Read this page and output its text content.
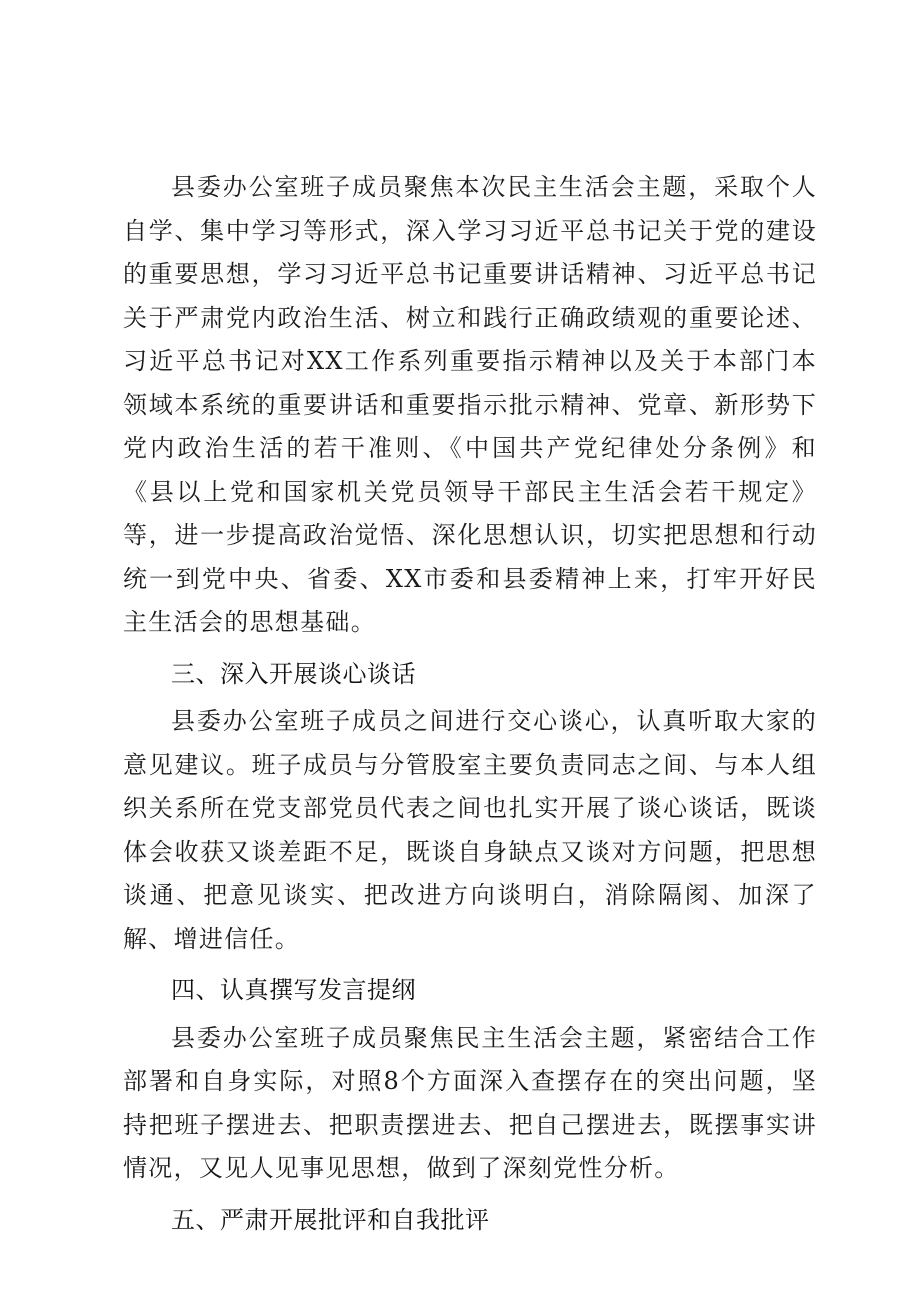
县委办公室班子成员聚焦本次民主生活会主题，采取个人自学、集中学习等形式，深入学习习近平总书记关于党的建设的重要思想，学习习近平总书记重要讲话精神、习近平总书记关于严肃党内政治生活、树立和践行正确政绩观的重要论述、习近平总书记对XX工作系列重要指示精神以及关于本部门本领域本系统的重要讲话和重要指示批示精神、党章、新形势下党内政治生活的若干准则、《中国共产党纪律处分条例》和《县以上党和国家机关党员领导干部民主生活会若干规定》等，进一步提高政治觉悟、深化思想认识，切实把思想和行动统一到党中央、省委、XX市委和县委精神上来，打牢开好民主生活会的思想基础。

三、深入开展谈心谈话

县委办公室班子成员之间进行交心谈心，认真听取大家的意见建议。班子成员与分管股室主要负责同志之间、与本人组织关系所在党支部党员代表之间也扎实开展了谈心谈话，既谈体会收获又谈差距不足，既谈自身缺点又谈对方问题，把思想谈通、把意见谈实、把改进方向谈明白，消除隔阂、加深了解、增进信任。

四、认真撰写发言提纲

县委办公室班子成员聚焦民主生活会主题，紧密结合工作部署和自身实际，对照8个方面深入查摆存在的突出问题，坚持把班子摆进去、把职责摆进去、把自己摆进去，既摆事实讲情况，又见人见事见思想，做到了深刻党性分析。

五、严肃开展批评和自我批评
